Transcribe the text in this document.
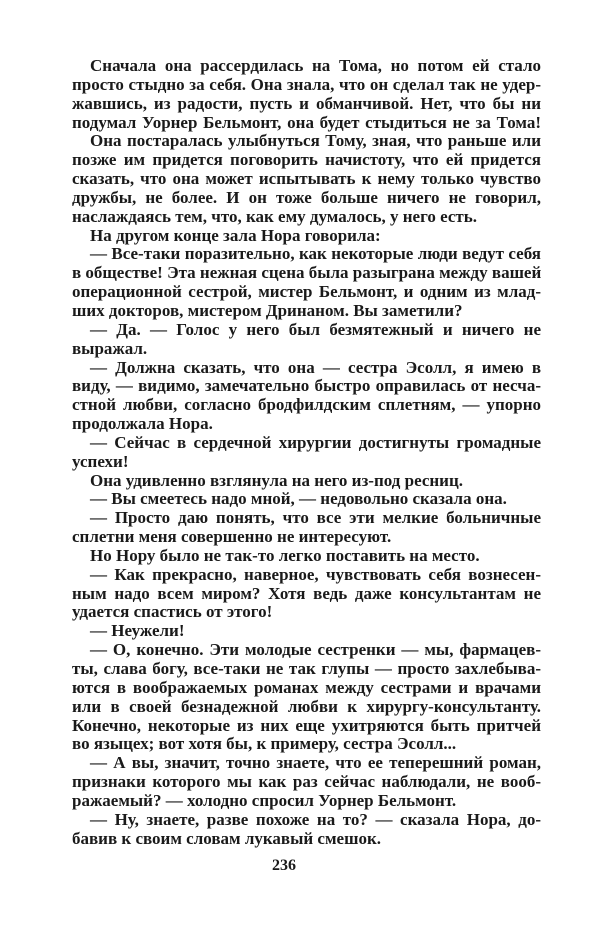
Сначала она рассердилась на Тома, но потом ей стало
просто стыдно за себя. Она знала, что он сделал так не удер-
жавшись, из радости, пусть и обманчивой. Нет, что бы ни
подумал Уорнер Бельмонт, она будет стыдиться не за Тома!
Она постаралась улыбнуться Тому, зная, что раньше или
позже им придется поговорить начистоту, что ей придется
сказать, что она может испытывать к нему только чувство
дружбы, не более. И он тоже больше ничего не говорил,
наслаждаясь тем, что, как ему думалось, у него есть.
На другом конце зала Нора говорила:
— Все-таки поразительно, как некоторые люди ведут себя
в обществе! Эта нежная сцена была разыграна между вашей
операционной сестрой, мистер Бельмонт, и одним из млад-
ших докторов, мистером Дринаном. Вы заметили?
— Да. — Голос у него был безмятежный и ничего не
выражал.
— Должна сказать, что она — сестра Эсолл, я имею в
виду, — видимо, замечательно быстро оправилась от несча-
стной любви, согласно бродфилдским сплетням, — упорно
продолжала Нора.
— Сейчас в сердечной хирургии достигнуты громадные
успехи!
Она удивленно взглянула на него из-под ресниц.
— Вы смеетесь надо мной, — недовольно сказала она.
— Просто даю понять, что все эти мелкие больничные
сплетни меня совершенно не интересуют.
Но Нору было не так-то легко поставить на место.
— Как прекрасно, наверное, чувствовать себя вознесен-
ным надо всем миром? Хотя ведь даже консультантам не
удается спастись от этого!
— Неужели!
— О, конечно. Эти молодые сестренки — мы, фармацев-
ты, слава богу, все-таки не так глупы — просто захлебыва-
ются в воображаемых романах между сестрами и врачами
или в своей безнадежной любви к хирургу-консультанту.
Конечно, некоторые из них еще ухитряются быть притчей
во языцех; вот хотя бы, к примеру, сестра Эсолл...
— А вы, значит, точно знаете, что ее теперешний роман,
признаки которого мы как раз сейчас наблюдали, не вооб-
ражаемый? — холодно спросил Уорнер Бельмонт.
— Ну, знаете, разве похоже на то? — сказала Нора, до-
бавив к своим словам лукавый смешок.
236
